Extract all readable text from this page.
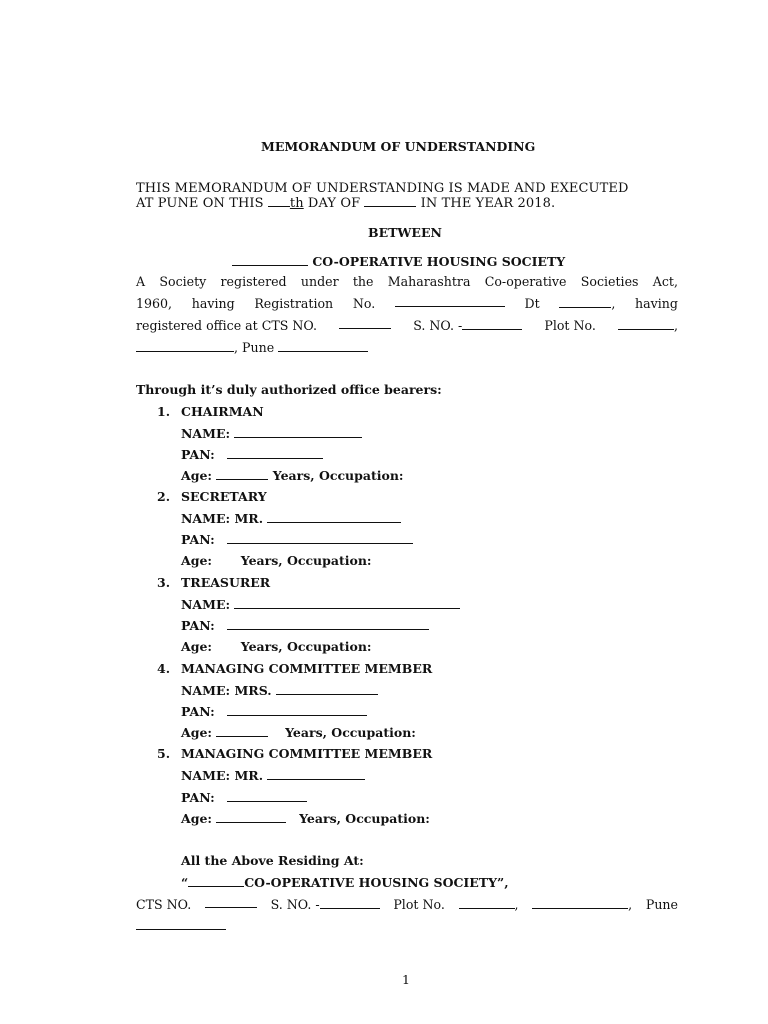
MEMORANDUM OF UNDERSTANDING
THIS MEMORANDUM OF UNDERSTANDING IS MADE AND EXECUTED
AT PUNE ON THIS th DAY OF	IN THE YEAR 2018.
BETWEEN
CO-OPERATIVE HOUSING SOCIETY
A Society registered under the Maharashtra Co-operative Societies Act,
1960, having Registration No.	Dt	, having
registered office at CTS NO.	S. NO. -	Plot No.	,
, Pune
Through it’s duly authorized office bearers:
1. CHAIRMAN
NAME:
PAN:
Age:	Years, Occupation:
2. SECRETARY
NAME: MR.
PAN:
Age: Years, Occupation:
3. TREASURER
NAME:
PAN:
Age: Years, Occupation:
4. MANAGING COMMITTEE MEMBER
NAME: MRS.
PAN:
Age:	Years, Occupation:
5. MANAGING COMMITTEE MEMBER
NAME: MR.
PAN:
Age:	Years, Occupation:
All the Above Residing At:
“	CO-OPERATIVE HOUSING SOCIETY”,
CTS NO.	S. NO. -	Plot No.	,	, Pune
1
